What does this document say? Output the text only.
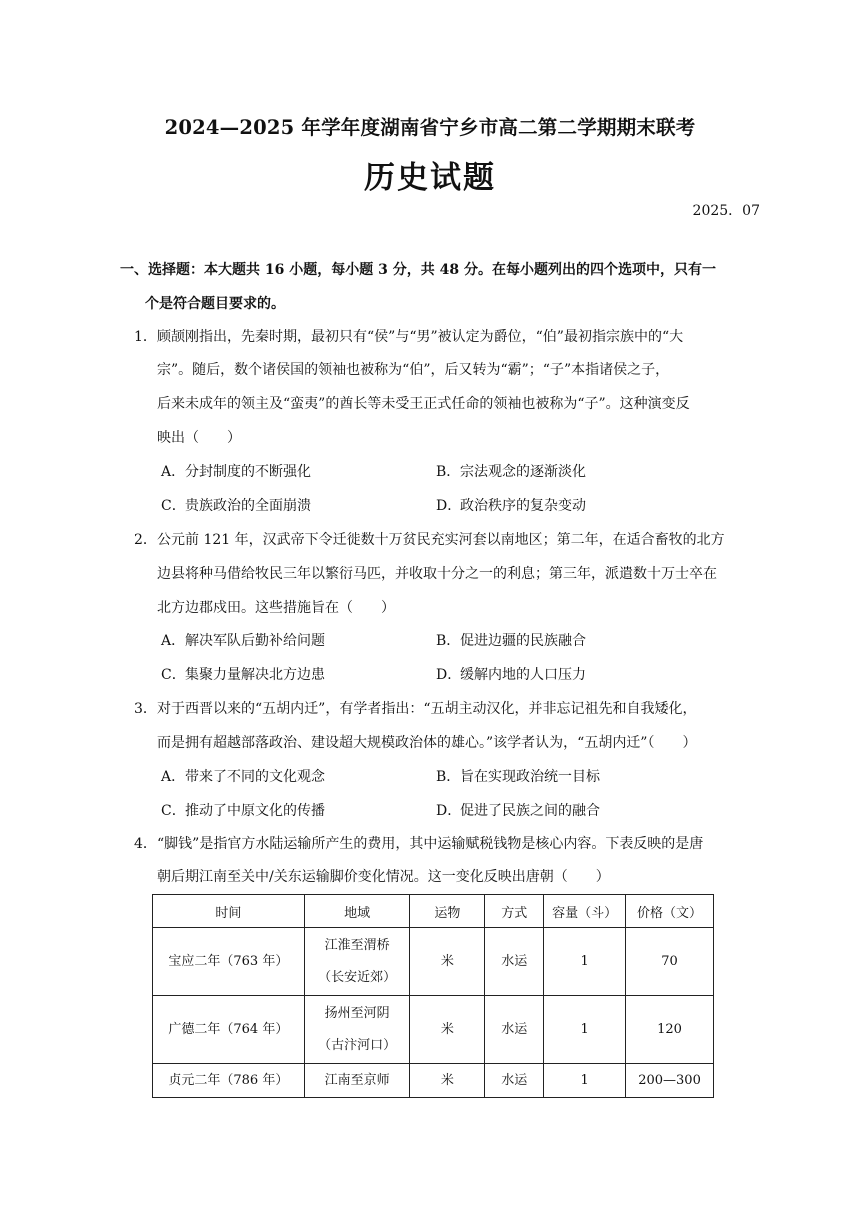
2024—2025 年学年度湖南省宁乡市高二第二学期期末联考
历史试题
2025．07
一、选择题：本大题共 16 小题，每小题 3 分，共 48 分。在每小题列出的四个选项中，只有一
个是符合题目要求的。
1． 顾颉刚指出，先秦时期，最初只有“侯”与“男”被认定为爵位，“伯”最初指宗族中的“大
宗”。随后，数个诸侯国的领袖也被称为“伯”，后又转为“霸”；“子”本指诸侯之子，
后来未成年的领主及“蛮夷”的酋长等未受王正式任命的领袖也被称为“子”。这种演变反
映出（　　）
A．分封制度的不断强化	B．宗法观念的逐渐淡化
C．贵族政治的全面崩溃	D．政治秩序的复杂变动
2． 公元前 121 年，汉武帝下令迁徙数十万贫民充实河套以南地区；第二年，在适合畜牧的北方
边县将种马借给牧民三年以繁衍马匹，并收取十分之一的利息；第三年，派遣数十万士卒在
北方边郡戍田。这些措施旨在（　　）
A．解决军队后勤补给问题	B．促进边疆的民族融合
C．集聚力量解决北方边患	D．缓解内地的人口压力
3． 对于西晋以来的“五胡内迁”，有学者指出：“五胡主动汉化，并非忘记祖先和自我矮化，
而是拥有超越部落政治、建设超大规模政治体的雄心。”该学者认为，“五胡内迁”（　　）
A．带来了不同的文化观念	B．旨在实现政治统一目标
C．推动了中原文化的传播	D．促进了民族之间的融合
4． “脚钱”是指官方水陆运输所产生的费用，其中运输赋税钱物是核心内容。下表反映的是唐
朝后期江南至关中/关东运输脚价变化情况。这一变化反映出唐朝（　　）
时间	地域	运物	方式	容量（斗）	价格（文）
宝应二年（763 年）	江淮至渭桥
（长安近郊）	米	水运	1	70
广德二年（764 年）	扬州至河阴
（古汴河口）	米	水运	1	120
贞元二年（786 年）	江南至京师	米	水运	1	200—300
